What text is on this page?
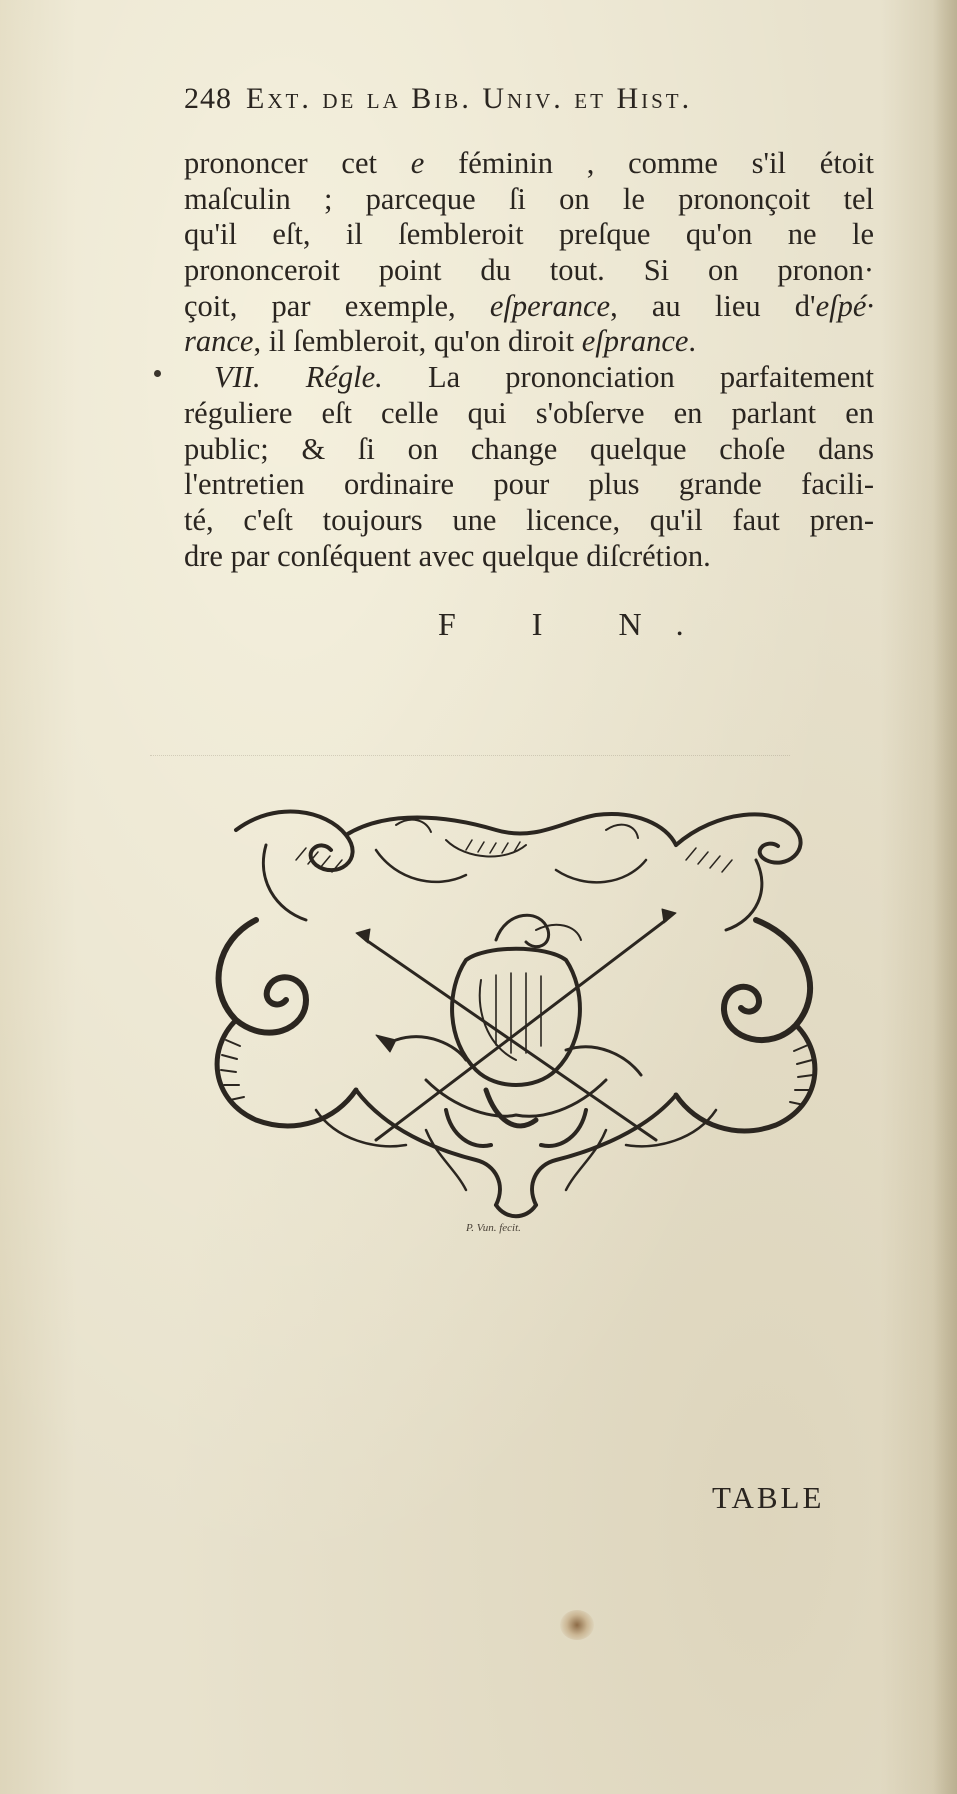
248 Ext. de la Bib. Univ. et Hist.
prononcer cet e féminin , comme s'il étoit
maſculin ; parceque ſi on le prononçoit tel
qu'il eſt, il ſembleroit preſque qu'on ne le
prononceroit point du tout. Si on pronon·
çoit, par exemple, eſperance, au lieu d'eſpé·
rance, il ſembleroit, qu'on diroit eſprance.
VII. Régle. La prononciation parfaitement
réguliere eſt celle qui s'obſerve en parlant en
public; & ſi on change quelque choſe dans
l'entretien ordinaire pour plus grande facili-
té, c'eſt toujours une licence, qu'il faut pren-
dre par conſéquent avec quelque diſcrétion.
F I N.
P. Vun. fecit.
TABLE
